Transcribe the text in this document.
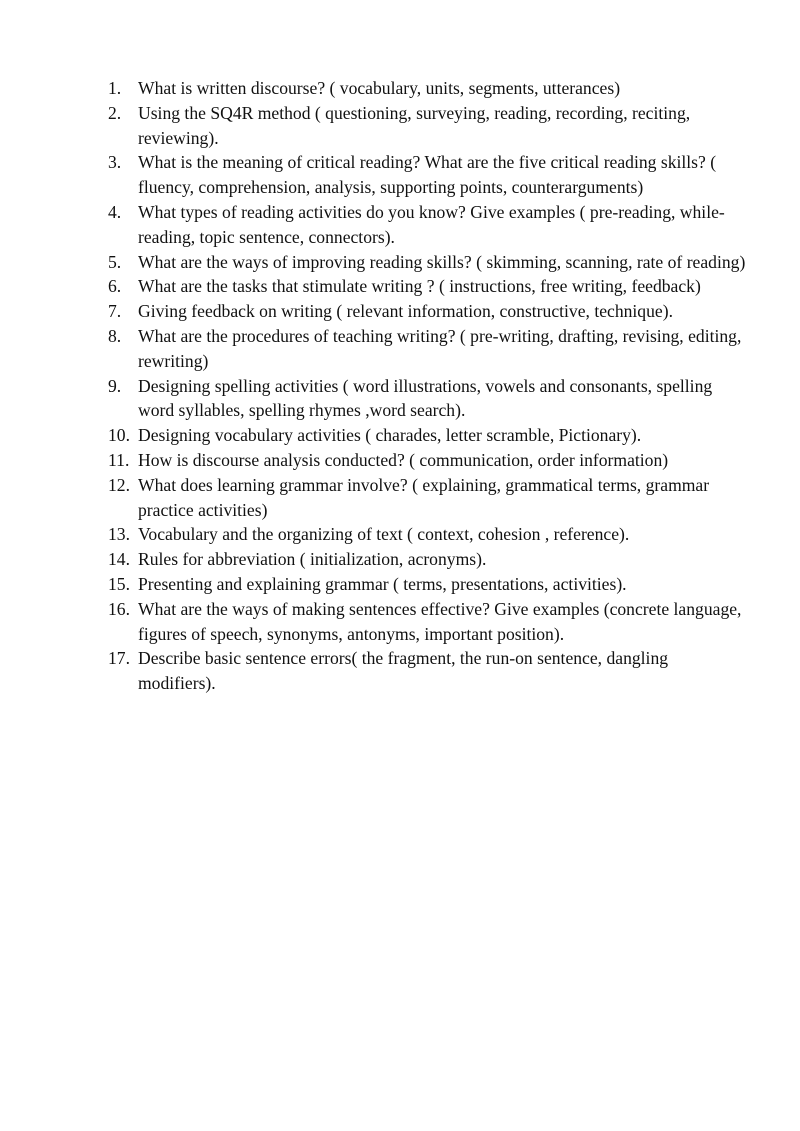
1. What is written discourse? ( vocabulary, units, segments, utterances)
2. Using the SQ4R method ( questioning, surveying, reading, recording, reciting, reviewing).
3. What is the meaning of critical reading? What are the five critical reading skills? ( fluency, comprehension, analysis, supporting points, counterarguments)
4. What types of reading activities do you know? Give examples ( pre-reading, while-reading, topic sentence, connectors).
5. What are the ways of improving reading skills? ( skimming, scanning, rate of reading)
6. What are the tasks that stimulate writing ? ( instructions, free writing, feedback)
7. Giving feedback on writing ( relevant information, constructive, technique).
8. What are the procedures of teaching writing? ( pre-writing, drafting, revising, editing, rewriting)
9. Designing spelling activities ( word illustrations, vowels and consonants, spelling word syllables, spelling rhymes ,word search).
10. Designing vocabulary activities ( charades, letter scramble, Pictionary).
11. How is discourse analysis conducted? ( communication, order information)
12. What does learning grammar involve? ( explaining, grammatical terms, grammar practice activities)
13. Vocabulary and the organizing of text ( context, cohesion , reference).
14. Rules for abbreviation ( initialization, acronyms).
15. Presenting and explaining grammar ( terms, presentations, activities).
16. What are the ways of making sentences effective? Give examples (concrete language, figures of speech, synonyms, antonyms, important position).
17. Describe basic sentence errors( the fragment, the run-on sentence, dangling modifiers).
